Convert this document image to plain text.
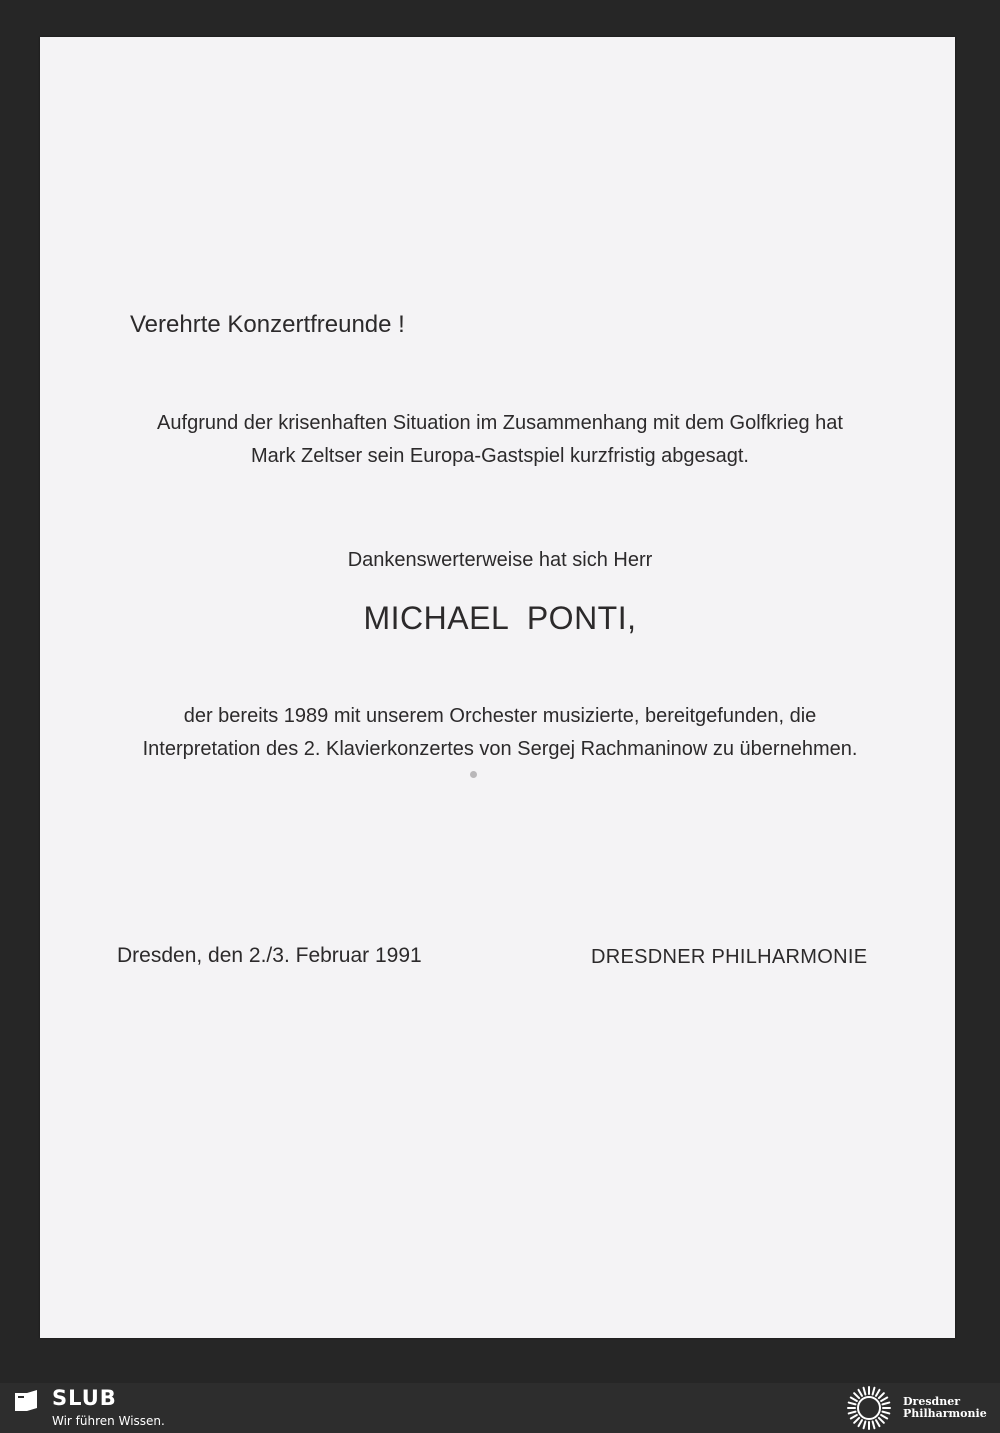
Verehrte Konzertfreunde !
Aufgrund der krisenhaften Situation im Zusammenhang mit dem Golfkrieg hat
Mark Zeltser sein Europa-Gastspiel kurzfristig abgesagt.
Dankenswerterweise hat sich Herr
MICHAEL  PONTI,
der bereits 1989 mit unserem Orchester musizierte, bereitgefunden, die
Interpretation des 2. Klavierkonzertes von Sergej Rachmaninow zu übernehmen.
Dresden, den 2./3. Februar 1991	DRESDNER PHILHARMONIE
SLUB
Wir führen Wissen.
Dresdner
Philharmonie
